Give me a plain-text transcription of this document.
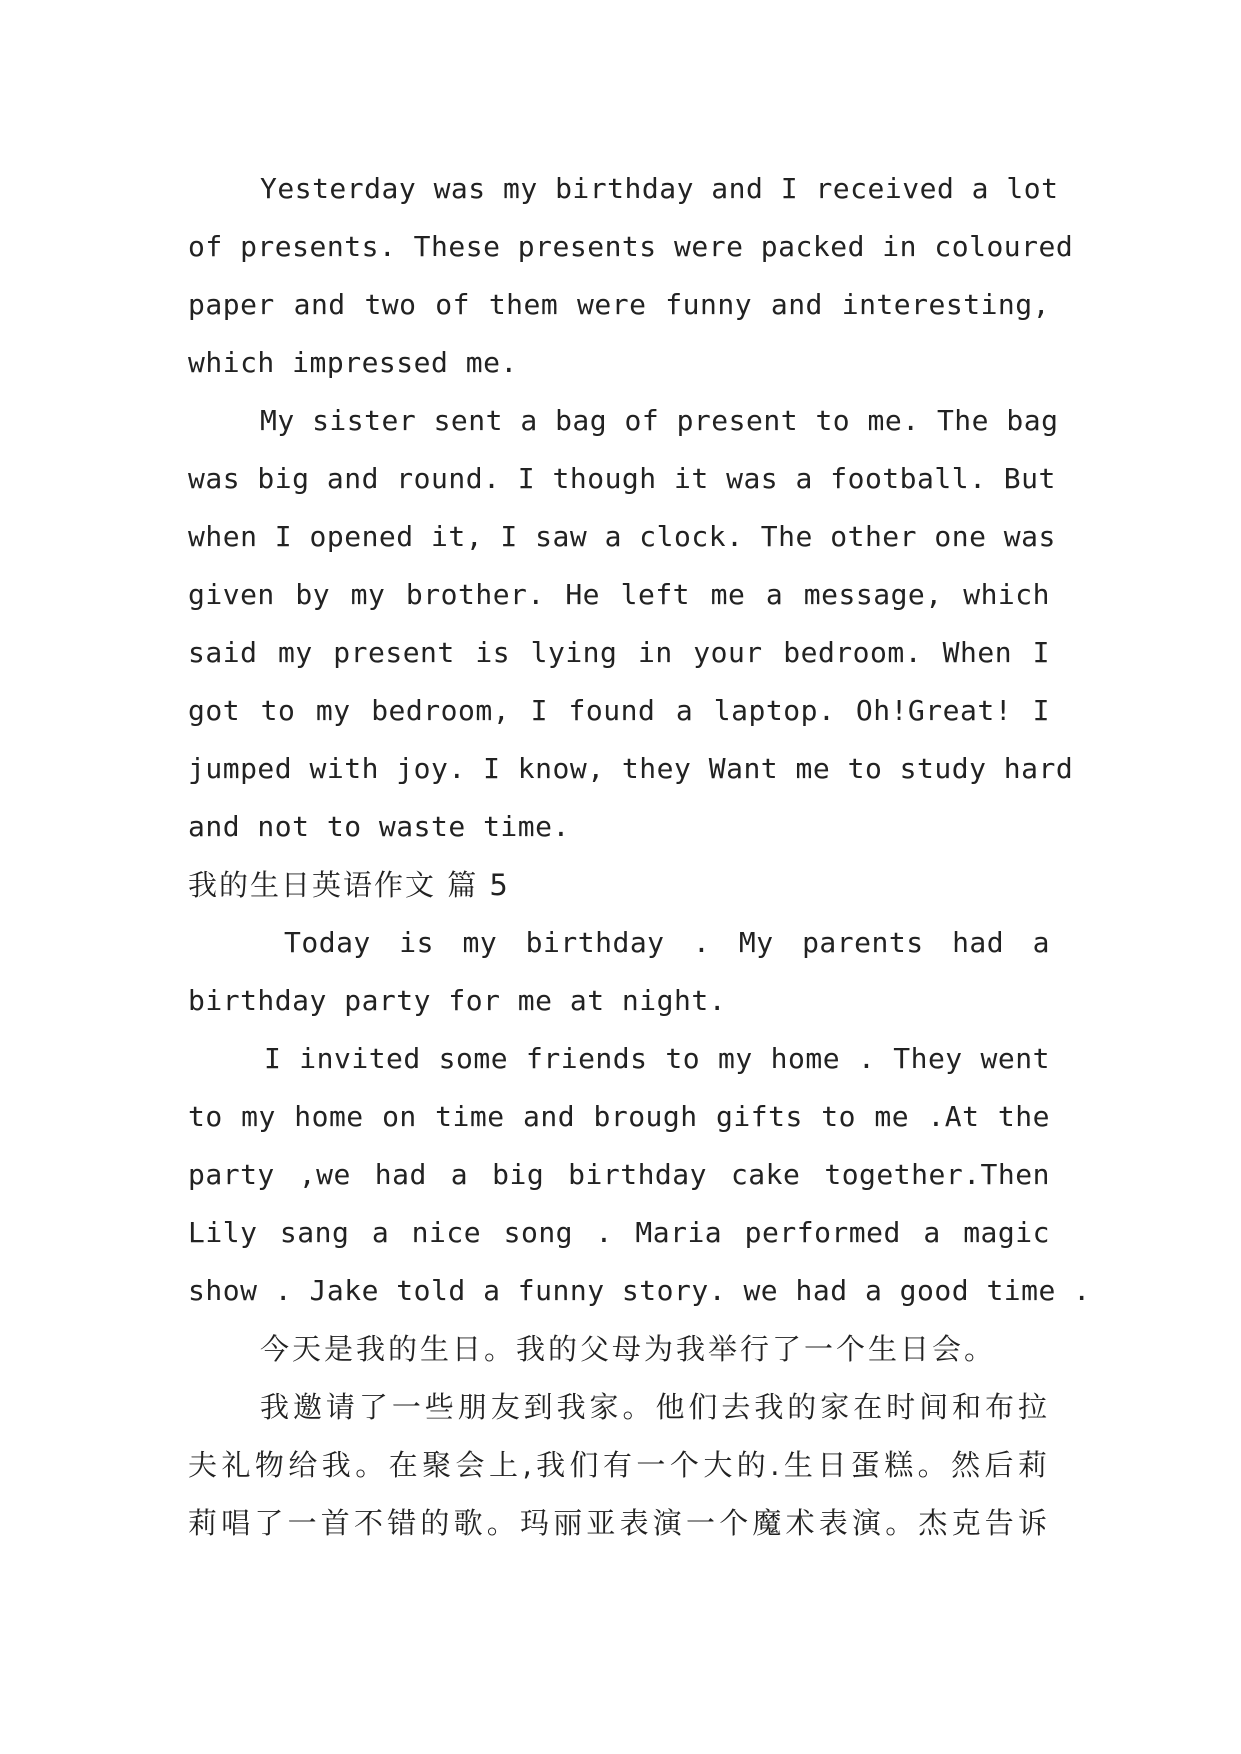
Yesterday was my birthday and I received a lot
of presents. These presents were packed in coloured
paper and two of them were funny and interesting,
which impressed me.
My sister sent a bag of present to me. The bag
was big and round. I though it was a football. But
when I opened it, I saw a clock. The other one was
given by my brother. He left me a message, which
said my present is lying in your bedroom. When I
got to my bedroom, I found a laptop. Oh!Great! I
jumped with joy. I know, they Want me to study hard
and not to waste time.
我的生日英语作文 篇 5
Today is my birthday . My parents had a
birthday party for me at night.
I invited some friends to my home . They went
to my home on time and brough gifts to me .At the
party ,we had a big birthday cake together.Then
Lily sang a nice song . Maria performed a magic
show . Jake told a funny story. we had a good time .
今天是我的生日。我的父母为我举行了一个生日会。
我邀请了一些朋友到我家。他们去我的家在时间和布拉
夫礼物给我。在聚会上,我们有一个大的.生日蛋糕。然后莉
莉唱了一首不错的歌。玛丽亚表演一个魔术表演。杰克告诉
